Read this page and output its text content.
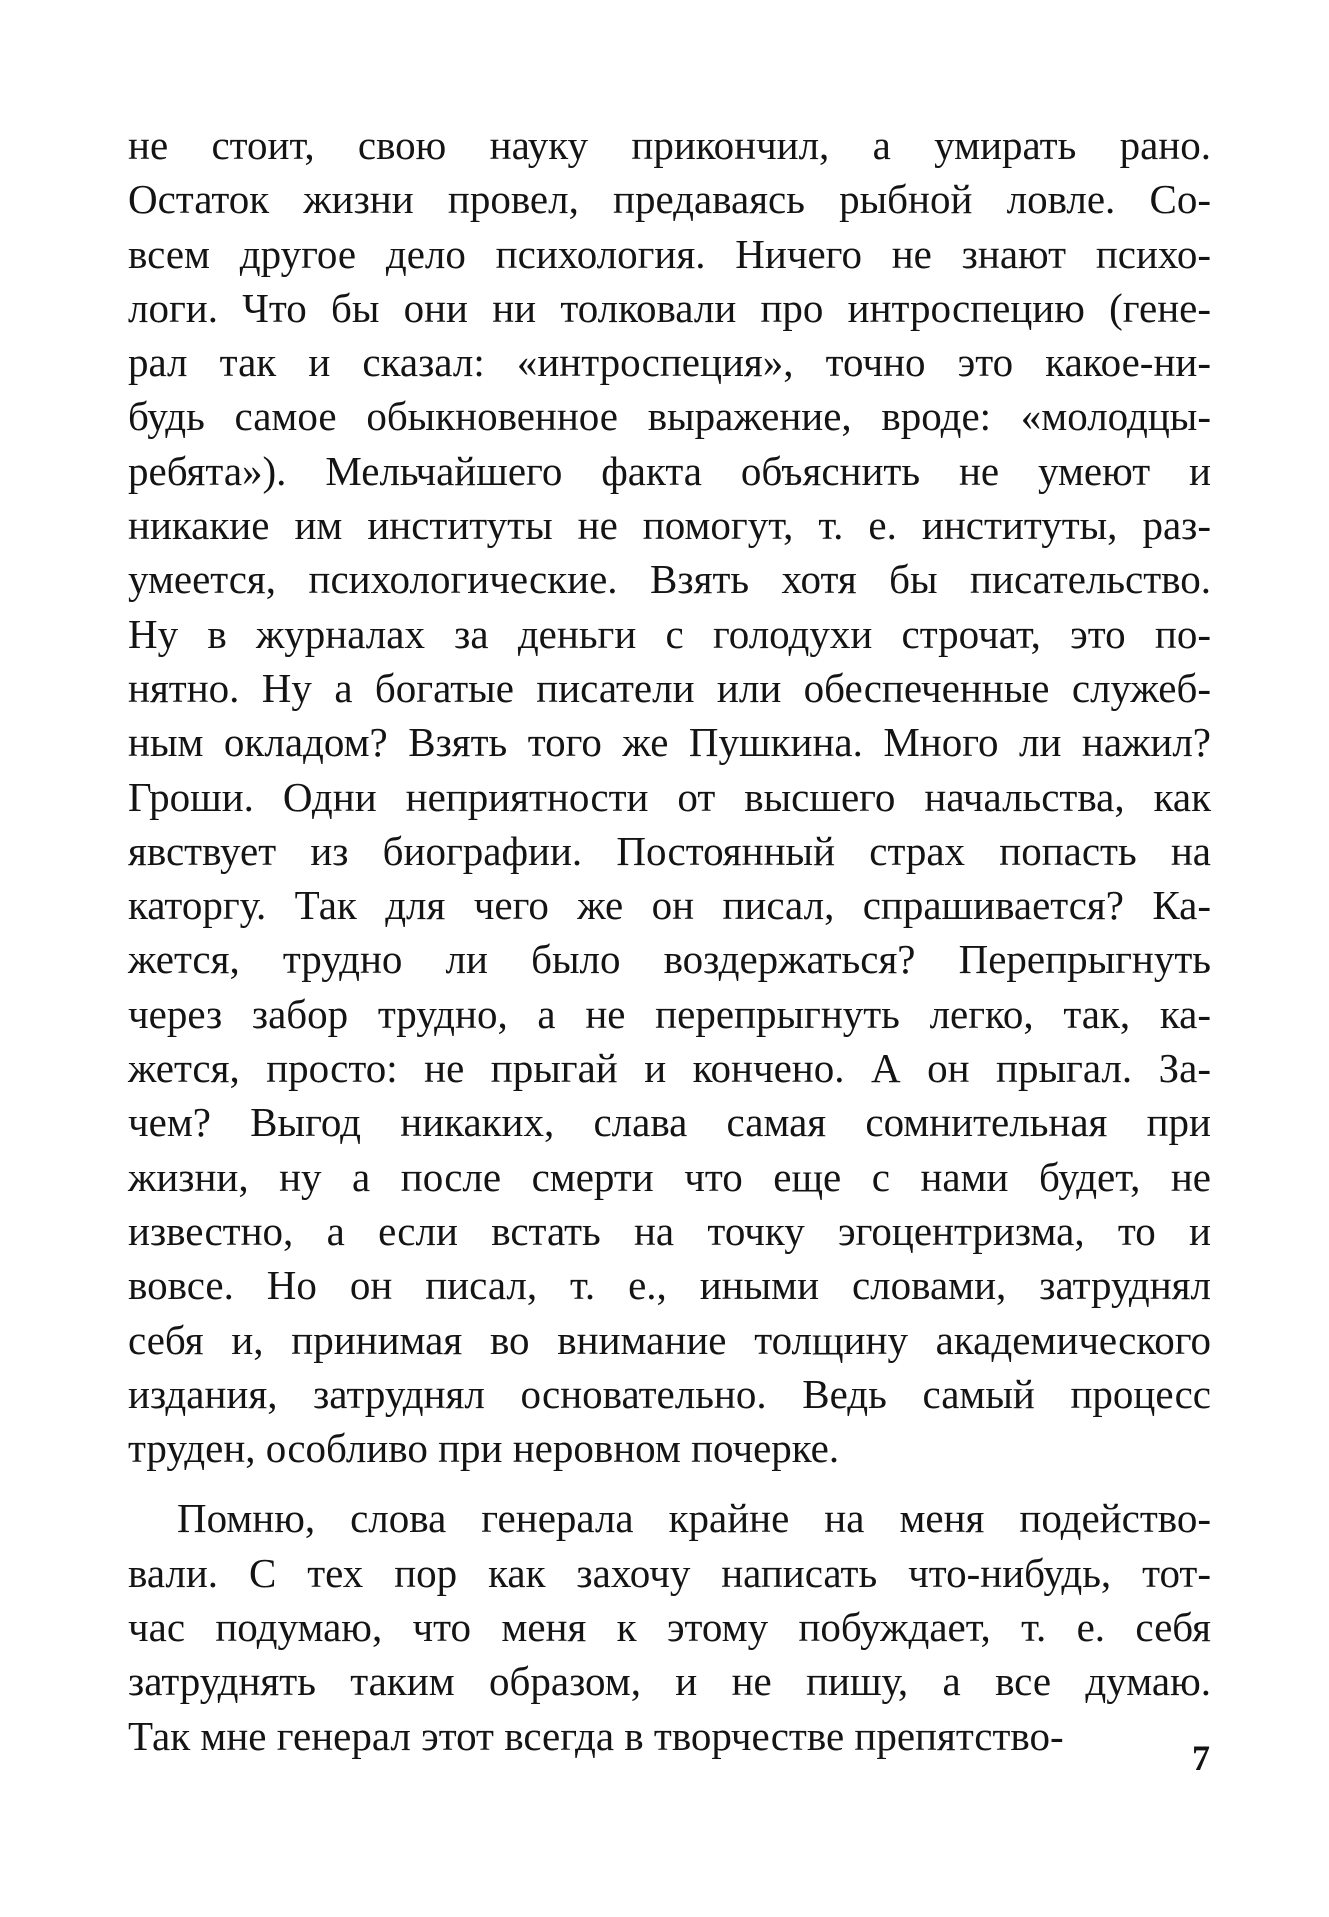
не стоит, свою науку прикончил, а умирать рано.
Остаток жизни провел, предаваясь рыбной ловле. Со-
всем другое дело психология. Ничего не знают психо-
логи. Что бы они ни толковали про интроспецию (гене-
рал так и сказал: «интроспеция», точно это какое-ни-
будь самое обыкновенное выражение, вроде: «молодцы-
ребята»). Мельчайшего факта объяснить не умеют и
никакие им институты не помогут, т. е. институты, раз-
умеется, психологические. Взять хотя бы писательство.
Ну в журналах за деньги с голодухи строчат, это по-
нятно. Ну а богатые писатели или обеспеченные служеб-
ным окладом? Взять того же Пушкина. Много ли нажил?
Гроши. Одни неприятности от высшего начальства, как
явствует из биографии. Постоянный страх попасть на
каторгу. Так для чего же он писал, спрашивается? Ка-
жется, трудно ли было воздержаться? Перепрыгнуть
через забор трудно, а не перепрыгнуть легко, так, ка-
жется, просто: не прыгай и кончено. А он прыгал. За-
чем? Выгод никаких, слава самая сомнительная при
жизни, ну а после смерти что еще с нами будет, не
известно, а если встать на точку эгоцентризма, то и
вовсе. Но он писал, т. е., иными словами, затруднял
себя и, принимая во внимание толщину академического
издания, затруднял основательно. Ведь самый процесс
труден, особливо при неровном почерке.
Помню, слова генерала крайне на меня подейство-
вали. С тех пор как захочу написать что-нибудь, тот-
час подумаю, что меня к этому побуждает, т. е. себя
затруднять таким образом, и не пишу, а все думаю.
Так мне генерал этот всегда в творчестве препятство-	7
